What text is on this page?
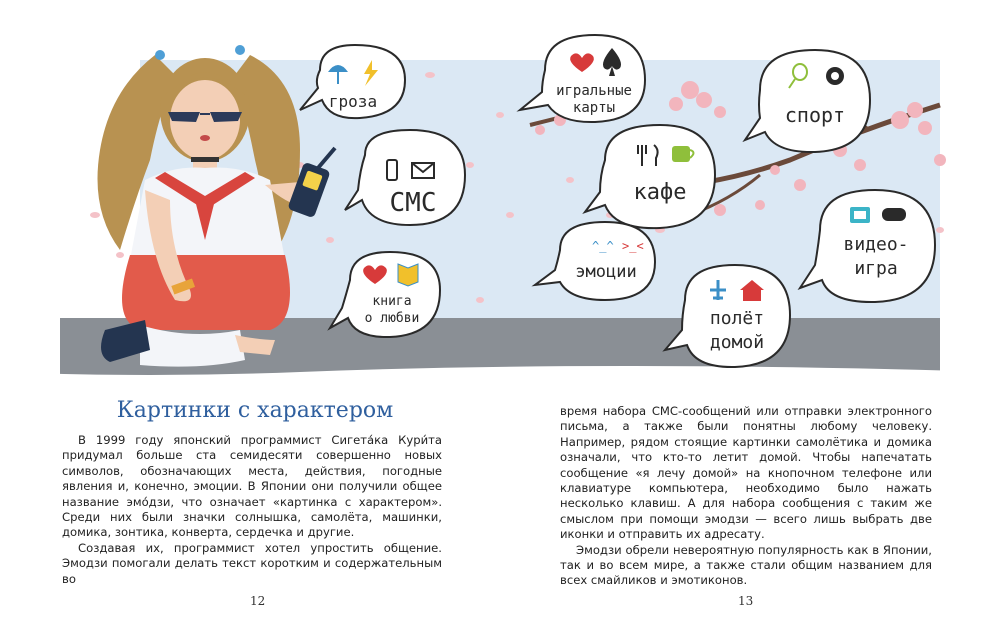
гроза
СМС
книга
о любви
игральные
карты
кафе
^_^ >_<
эмоции
спорт
видео-
игра
полёт
домой
Картинки с характером

В 1999 году японский программист Сигета́ка Кури́та придумал больше ста семидесяти совершенно новых символов, обозначающих места, действия, погодные явления и, конечно, эмоции. В Японии они получили общее название эмо́дзи, что означает «картинка с характером». Среди них были значки солнышка, самолёта, машинки, домика, зонтика, конверта, сердечка и другие.

Создавая их, программист хотел упростить общение. Эмодзи помогали делать текст коротким и содержательным во

время набора СМС-сообщений или отправки электронного письма, а также были понятны любому человеку. Например, рядом стоящие картинки самолётика и домика означали, что кто-то летит домой. Чтобы напечатать сообщение «я лечу домой» на кнопочном телефоне или клавиатуре компьютера, необходимо было нажать несколько клавиш. А для набора сообщения с таким же смыслом при помощи эмодзи — всего лишь выбрать две иконки и отправить их адресату.

Эмодзи обрели невероятную популярность как в Японии, так и во всем мире, а также стали общим названием для всех смайликов и эмотиконов.

12	13
